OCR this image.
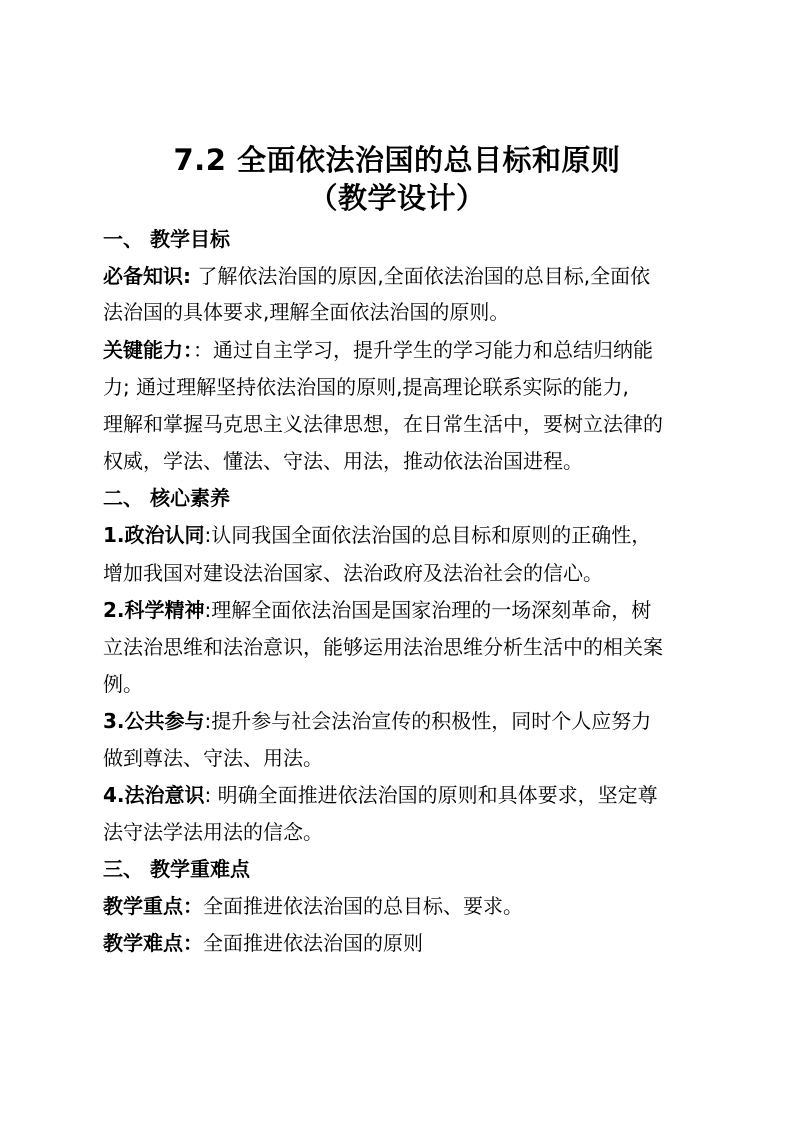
7.2 全面依法治国的总目标和原则
（教学设计）
一、 教学目标
必备知识: 了解依法治国的原因,全面依法治国的总目标,全面依
法治国的具体要求,理解全面依法治国的原则。
关键能力：：通过自主学习，提升学生的学习能力和总结归纳能
力; 通过理解坚持依法治国的原则,提高理论联系实际的能力,
理解和掌握马克思主义法律思想，在日常生活中，要树立法律的
权威，学法、懂法、守法、用法，推动依法治国进程。
二、 核心素养
1.政治认同:认同我国全面依法治国的总目标和原则的正确性，
增加我国对建设法治国家、法治政府及法治社会的信心。
2.科学精神:理解全面依法治国是国家治理的一场深刻革命，树
立法治思维和法治意识，能够运用法治思维分析生活中的相关案
例。
3.公共参与:提升参与社会法治宣传的积极性，同时个人应努力
做到尊法、守法、用法。
4.法治意识: 明确全面推进依法治国的原则和具体要求，坚定尊
法守法学法用法的信念。
三、 教学重难点
教学重点：全面推进依法治国的总目标、要求。
教学难点：全面推进依法治国的原则
